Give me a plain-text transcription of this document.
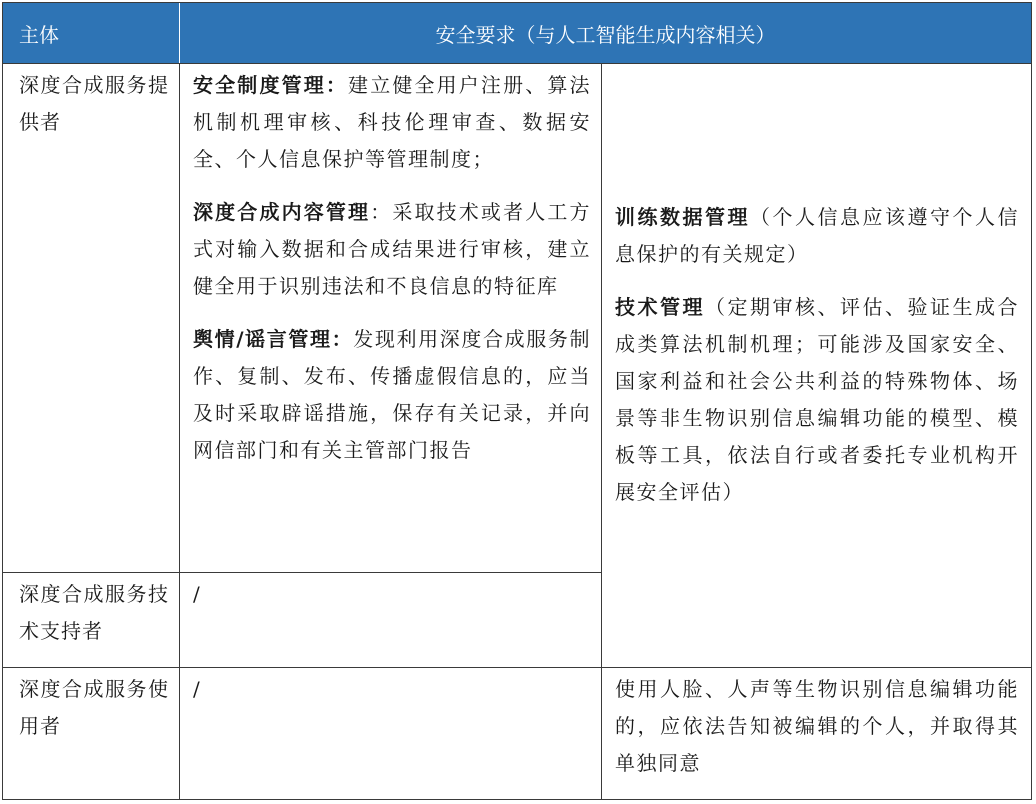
主体	安全要求（与人工智能生成内容相关）
深度合成服务提供者

安全制度管理：建立健全用户注册、算法机制机理审核、科技伦理审查、数据安全、个人信息保护等管理制度；

深度合成内容管理：采取技术或者人工方式对输入数据和合成结果进行审核，建立健全用于识别违法和不良信息的特征库

舆情/谣言管理：发现利用深度合成服务制作、复制、发布、传播虚假信息的，应当及时采取辟谣措施，保存有关记录，并向网信部门和有关主管部门报告

训练数据管理（个人信息应该遵守个人信息保护的有关规定）

技术管理（定期审核、评估、验证生成合成类算法机制机理；可能涉及国家安全、国家利益和社会公共利益的特殊物体、场景等非生物识别信息编辑功能的模型、模板等工具，依法自行或者委托专业机构开展安全评估）

深度合成服务技术支持者
/
深度合成服务使用者
/	使用人脸、人声等生物识别信息编辑功能的，应依法告知被编辑的个人，并取得其单独同意
